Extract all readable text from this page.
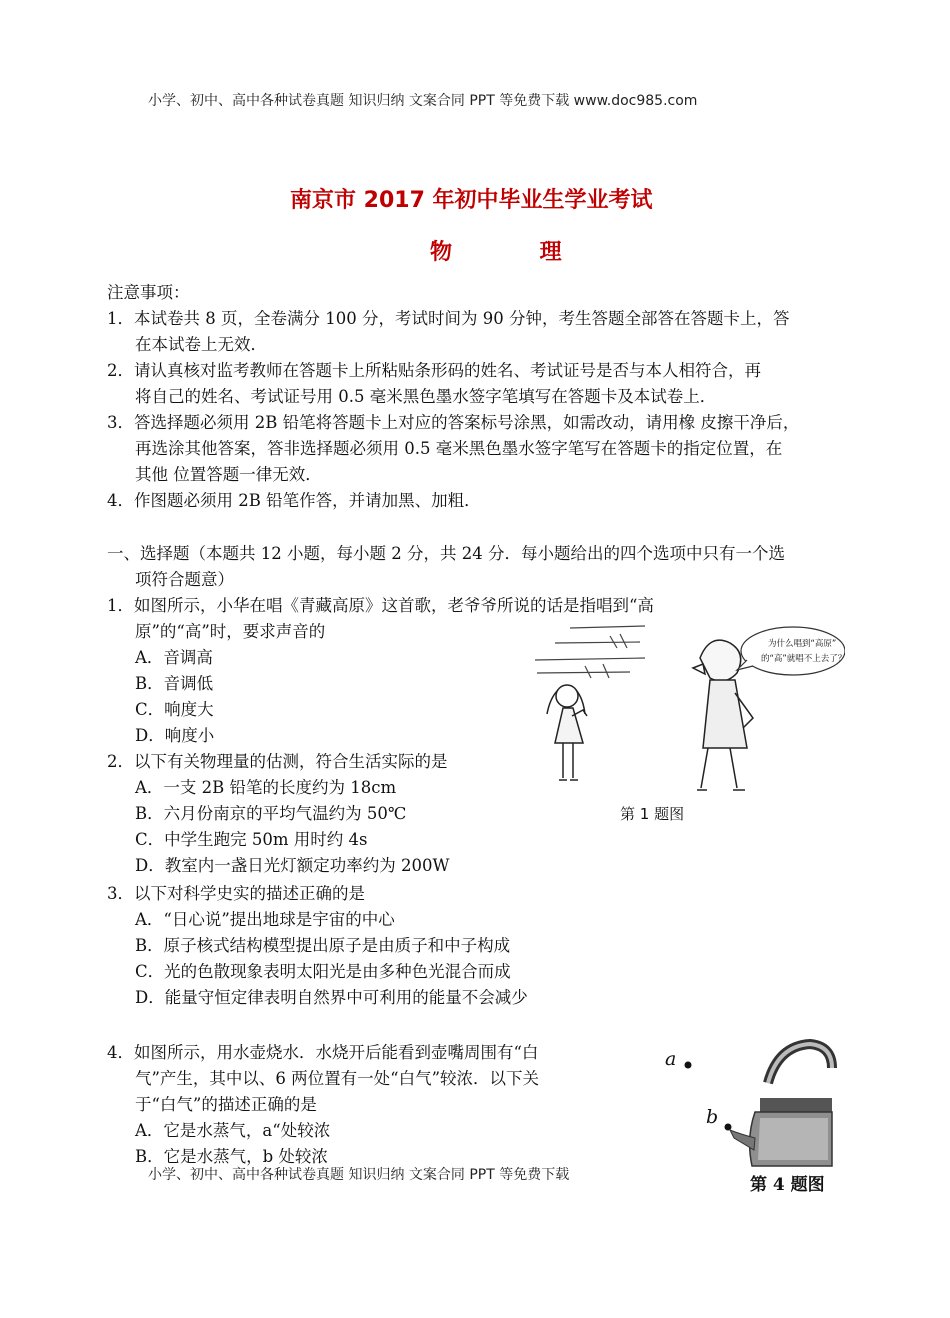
小学、初中、高中各种试卷真题 知识归纳 文案合同 PPT 等免费下载 www.doc985.com
南京市 2017 年初中毕业生学业考试
物 理
注意事项：
1．本试卷共 8 页，全卷满分 100 分，考试时间为 90 分钟，考生答题全部答在答题卡上，答
在本试卷上无效．
2．请认真核对监考教师在答题卡上所粘贴条形码的姓名、考试证号是否与本人相符合，再
将自己的姓名、考试证号用 0.5 毫米黑色墨水签字笔填写在答题卡及本试卷上．
3．答选择题必须用 2B 铅笔将答题卡上对应的答案标号涂黑，如需改动，请用橡 皮擦干净后，
再选涂其他答案，答非选择题必须用 0.5 毫米黑色墨水签字笔写在答题卡的指定位置，在
其他 位置答题一律无效．
4．作图题必须用 2B 铅笔作答，并请加黑、加粗．
一、选择题（本题共 12 小题，每小题 2 分，共 24 分．每小题给出的四个选项中只有一个选
项符合题意）
1．如图所示，小华在唱《青藏高原》这首歌，老爷爷所说的话是指唱到“高
原”的“高”时，要求声音的
A．音调高
B．音调低
C．响度大
D．响度小
为什么唱到“高原”
的“高”就唱不上去了？
第 1 题图
2．以下有关物理量的估测，符合生活实际的是
A．一支 2B 铅笔的长度约为 18cm
B．六月份南京的平均气温约为 50℃
C．中学生跑完 50m 用时约 4s
D．教室内一盏日光灯额定功率约为 200W
3．以下对科学史实的描述正确的是
A．“日心说”提出地球是宇宙的中心
B．原子核式结构模型提出原子是由质子和中子构成
C．光的色散现象表明太阳光是由多种色光混合而成
D．能量守恒定律表明自然界中可利用的能量不会减少
4．如图所示，用水壶烧水．水烧开后能看到壶嘴周围有“白
气”产生，其中以、6 两位置有一处“白气”较浓．以下关
于“白气”的描述正确的是
A．它是水蒸气，a“处较浓
B．它是水蒸气，b 处较浓
a
b
小学、初中、高中各种试卷真题 知识归纳 文案合同 PPT 等免费下载	第 4 题图
